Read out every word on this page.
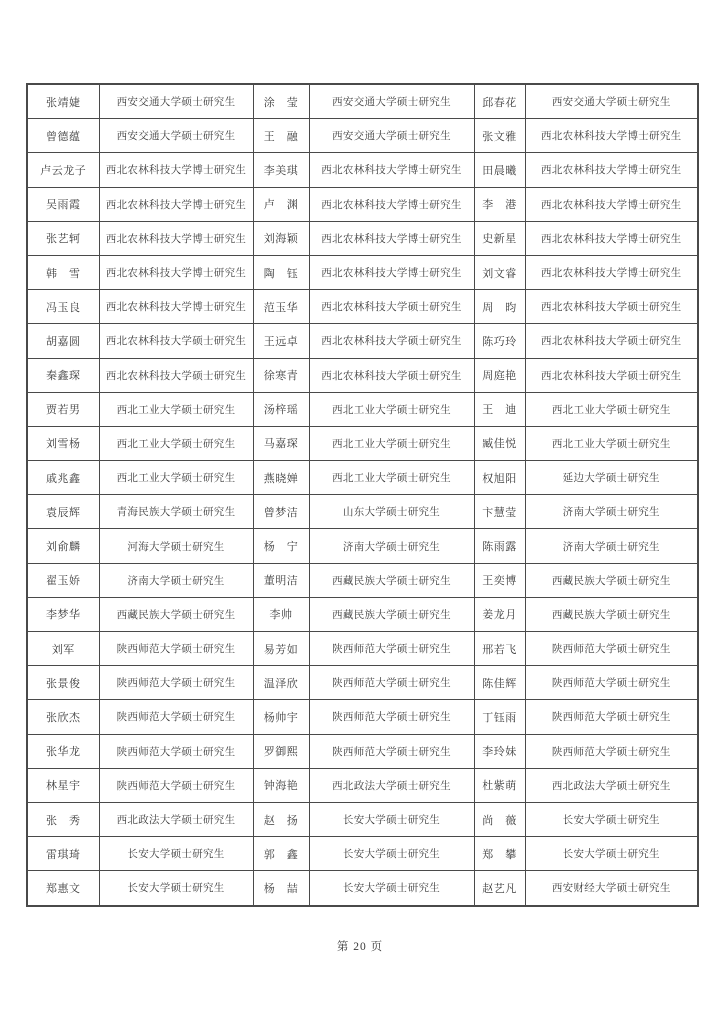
张靖婕	西安交通大学硕士研究生	涂　莹	西安交通大学硕士研究生	邱春花	西安交通大学硕士研究生
曾德蕴	西安交通大学硕士研究生	王　融	西安交通大学硕士研究生	张文雅	西北农林科技大学博士研究生
卢云龙子	西北农林科技大学博士研究生	李美琪	西北农林科技大学博士研究生	田晨曦	西北农林科技大学博士研究生
吴雨霞	西北农林科技大学博士研究生	卢　渊	西北农林科技大学博士研究生	李　港	西北农林科技大学博士研究生
张艺轲	西北农林科技大学博士研究生	刘海颖	西北农林科技大学博士研究生	史新星	西北农林科技大学博士研究生
韩　雪	西北农林科技大学博士研究生	陶　钰	西北农林科技大学博士研究生	刘文睿	西北农林科技大学博士研究生
冯玉良	西北农林科技大学博士研究生	范玉华	西北农林科技大学硕士研究生	周　昀	西北农林科技大学硕士研究生
胡嘉圆	西北农林科技大学硕士研究生	王远卓	西北农林科技大学硕士研究生	陈巧玲	西北农林科技大学硕士研究生
秦鑫琛	西北农林科技大学硕士研究生	徐寒青	西北农林科技大学硕士研究生	周庭艳	西北农林科技大学硕士研究生
贾若男	西北工业大学硕士研究生	汤梓瑶	西北工业大学硕士研究生	王　迪	西北工业大学硕士研究生
刘雪杨	西北工业大学硕士研究生	马嘉琛	西北工业大学硕士研究生	臧佳悦	西北工业大学硕士研究生
戚兆鑫	西北工业大学硕士研究生	燕晓婵	西北工业大学硕士研究生	权旭阳	延边大学硕士研究生
袁辰辉	青海民族大学硕士研究生	曾梦洁	山东大学硕士研究生	卞慧莹	济南大学硕士研究生
刘俞麟	河海大学硕士研究生	杨　宁	济南大学硕士研究生	陈雨露	济南大学硕士研究生
翟玉娇	济南大学硕士研究生	董明洁	西藏民族大学硕士研究生	王奕博	西藏民族大学硕士研究生
李梦华	西藏民族大学硕士研究生	李帅	西藏民族大学硕士研究生	姜龙月	西藏民族大学硕士研究生
刘军	陕西师范大学硕士研究生	易芳如	陕西师范大学硕士研究生	邢若飞	陕西师范大学硕士研究生
张景俊	陕西师范大学硕士研究生	温泽欣	陕西师范大学硕士研究生	陈佳辉	陕西师范大学硕士研究生
张欣杰	陕西师范大学硕士研究生	杨帅宇	陕西师范大学硕士研究生	丁钰雨	陕西师范大学硕士研究生
张华龙	陕西师范大学硕士研究生	罗御熙	陕西师范大学硕士研究生	李玲妹	陕西师范大学硕士研究生
林星宇	陕西师范大学硕士研究生	钟海艳	西北政法大学硕士研究生	杜紫萌	西北政法大学硕士研究生
张　秀	西北政法大学硕士研究生	赵　扬	长安大学硕士研究生	尚　薇	长安大学硕士研究生
雷琪琦	长安大学硕士研究生	郭　鑫	长安大学硕士研究生	郑　攀	长安大学硕士研究生
郑惠文	长安大学硕士研究生	杨　喆	长安大学硕士研究生	赵艺凡	西安财经大学硕士研究生
第 20 页
